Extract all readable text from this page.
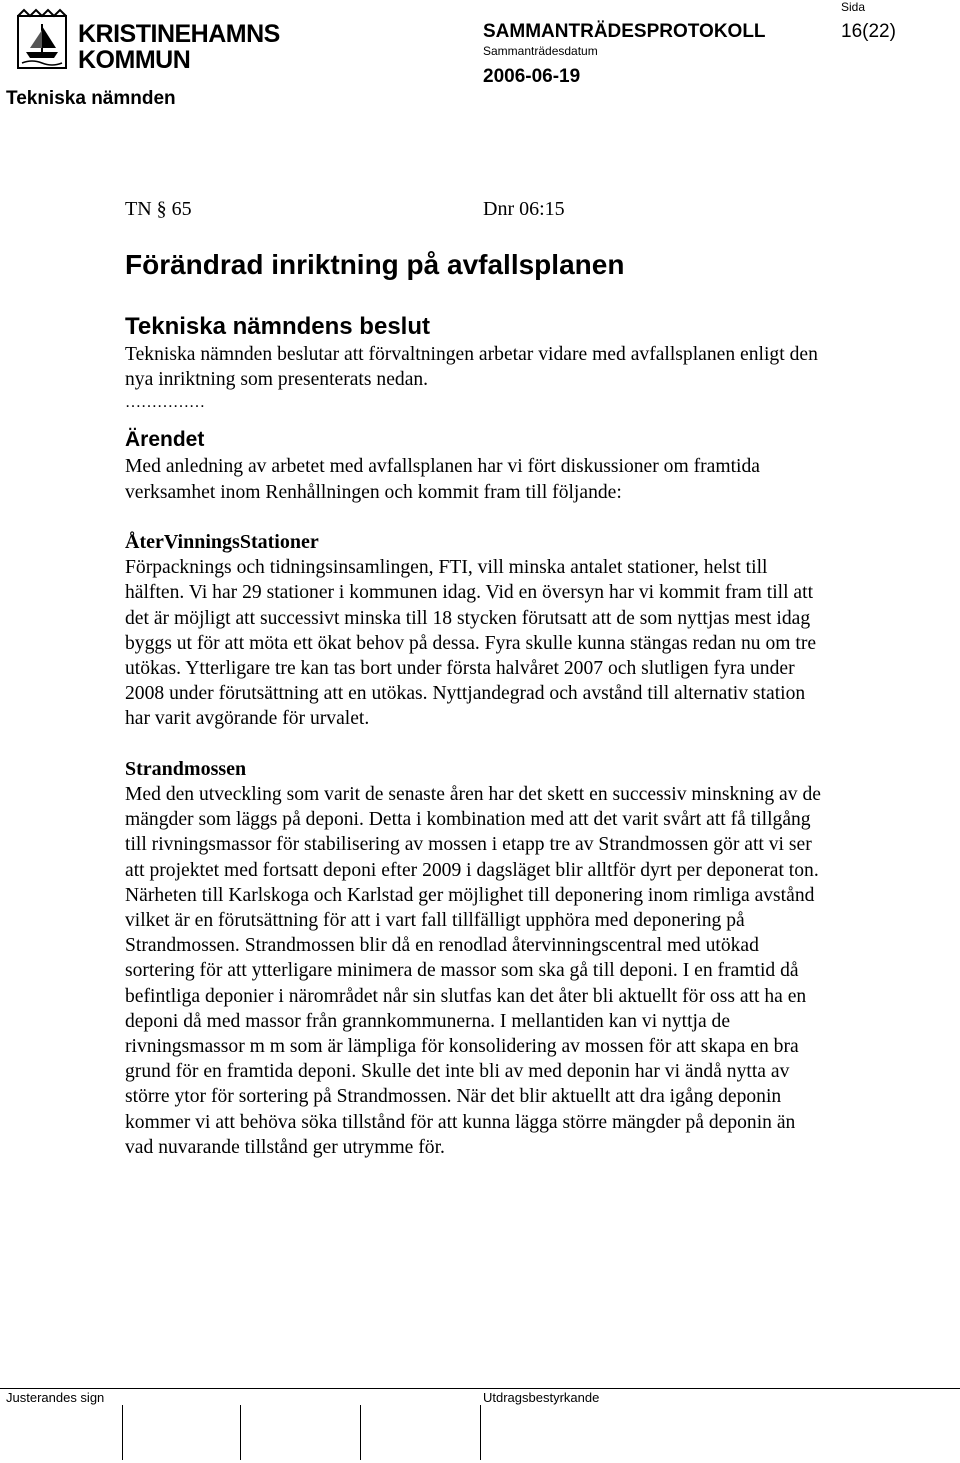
KRISTINEHAMNS
KOMMUN
Tekniska nämnden
SAMMANTRÄDESPROTOKOLL
Sammanträdesdatum
2006-06-19
Sida
16(22)
TN § 65	Dnr 06:15
Förändrad inriktning på avfallsplanen
Tekniska nämndens beslut

Tekniska nämnden beslutar att förvaltningen arbetar vidare med avfallsplanen enligt den nya inriktning som presenterats nedan.

……………
Ärendet

Med anledning av arbetet med avfallsplanen har vi fört diskussioner om framtida verksamhet inom Renhållningen och kommit fram till följande:

ÅterVinningsStationer

Förpacknings och tidningsinsamlingen, FTI, vill minska antalet stationer, helst till hälften. Vi har 29 stationer i kommunen idag. Vid en översyn har vi kommit fram till att det är möjligt att successivt minska till 18 stycken förutsatt att de som nyttjas mest idag byggs ut för att möta ett ökat behov på dessa. Fyra skulle kunna stängas redan nu om tre utökas. Ytterligare tre kan tas bort under första halvåret 2007 och slutligen fyra under 2008 under förutsättning att en utökas. Nyttjandegrad och avstånd till alternativ station har varit avgörande för urvalet.

Strandmossen

Med den utveckling som varit de senaste åren har det skett en successiv minskning av de mängder som läggs på deponi. Detta i kombination med att det varit svårt att få tillgång till rivningsmassor för stabilisering av mossen i etapp tre av Strandmossen gör att vi ser att projektet med fortsatt deponi efter 2009 i dagsläget blir alltför dyrt per deponerat ton. Närheten till Karlskoga och Karlstad ger möjlighet till deponering inom rimliga avstånd vilket är en förutsättning för att i vart fall tillfälligt upphöra med deponering på Strandmossen. Strandmossen blir då en renodlad återvinningscentral med utökad sortering för att ytterligare minimera de massor som ska gå till deponi. I en framtid då befintliga deponier i närområdet når sin slutfas kan det åter bli aktuellt för oss att ha en deponi då med massor från grannkommunerna. I mellantiden kan vi nyttja de rivningsmassor m m som är lämpliga för konsolidering av mossen för att skapa en bra grund för en framtida deponi. Skulle det inte bli av med deponin har vi ändå nytta av större ytor för sortering på Strandmossen. När det blir aktuellt att dra igång deponin kommer vi att behöva söka tillstånd för att kunna lägga större mängder på deponin än vad nuvarande tillstånd ger utrymme för.

Justerandes sign	Utdragsbestyrkande
